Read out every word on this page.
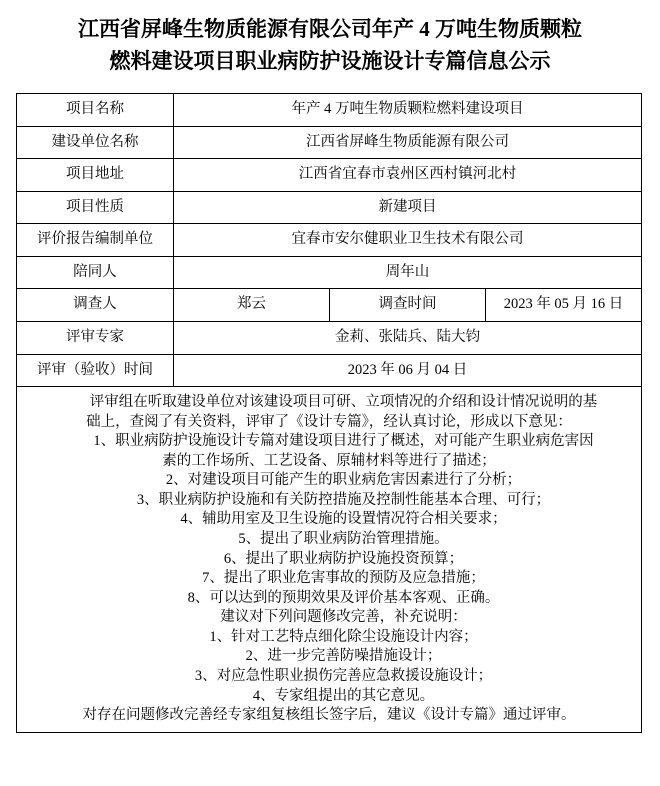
江西省屏峰生物质能源有限公司年产 4 万吨生物质颗粒
燃料建设项目职业病防护设施设计专篇信息公示
项目名称	年产 4 万吨生物质颗粒燃料建设项目		
建设单位名称	江西省屏峰生物质能源有限公司		
项目地址	江西省宜春市袁州区西村镇河北村		
项目性质	新建项目		
评价报告编制单位	宜春市安尔健职业卫生技术有限公司		
陪同人	周年山		
调查人	郑云	调查时间	2023 年 05 月 16 日
评审专家	金莉、张陆兵、陆大钧		
评审（验收）时间	2023 年 06 月 04 日		

评审组在听取建设单位对该建设项目可研、立项情况的介绍和设计情况说明的基

础上，查阅了有关资料，评审了《设计专篇》，经认真讨论，形成以下意见：

1、职业病防护设施设计专篇对建设项目进行了概述，对可能产生职业病危害因

素的工作场所、工艺设备、原辅材料等进行了描述；

2、对建设项目可能产生的职业病危害因素进行了分析；

3、职业病防护设施和有关防控措施及控制性能基本合理、可行；

4、辅助用室及卫生设施的设置情况符合相关要求；

5、提出了职业病防治管理措施。

6、提出了职业病防护设施投资预算；

7、提出了职业危害事故的预防及应急措施；

8、可以达到的预期效果及评价基本客观、正确。

建议对下列问题修改完善，补充说明：

1、针对工艺特点细化除尘设施设计内容；

2、进一步完善防噪措施设计；

3、对应急性职业损伤完善应急救援设施设计；

4、专家组提出的其它意见。

对存在问题修改完善经专家组复核组长签字后，建议《设计专篇》通过评审。
